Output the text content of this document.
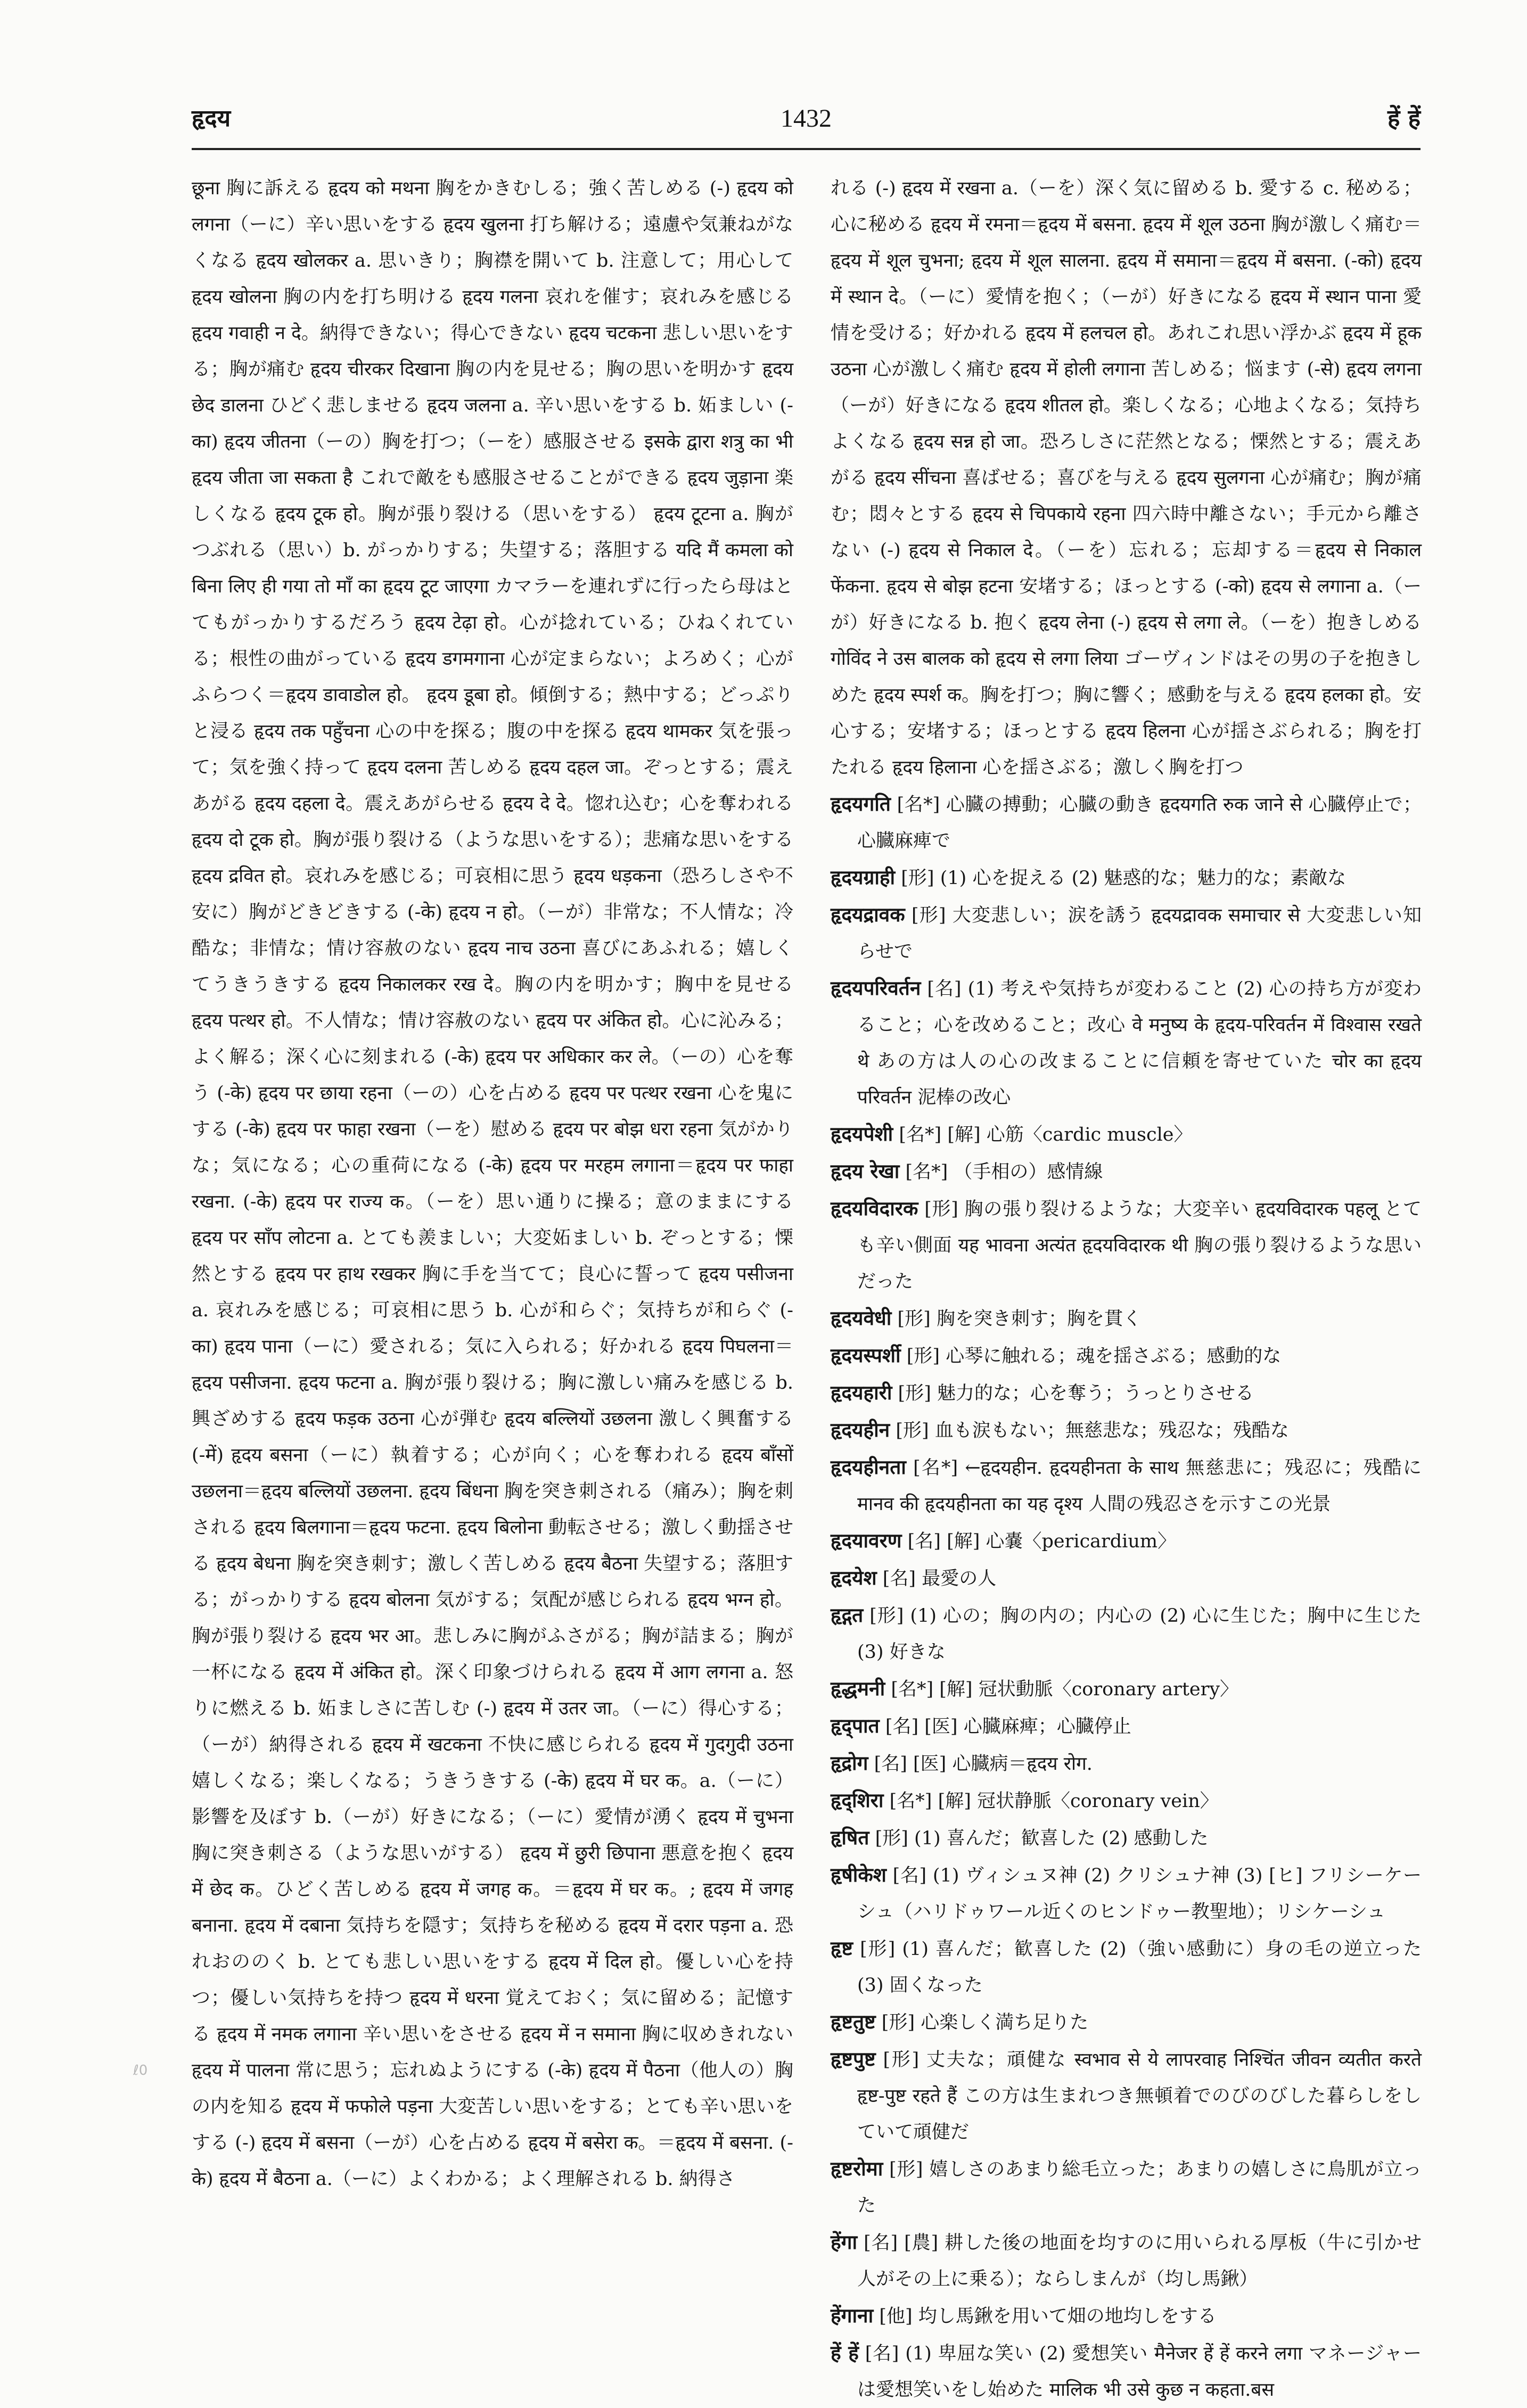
हृदय	1432	हें हें

छूना 胸に訴える हृदय को मथना 胸をかきむしる；強く苦しめる (-) हृदय को लगना（ーに）辛い思いをする हृदय खुलना 打ち解ける；遠慮や気兼ねがなくなる हृदय खोलकर a. 思いきり；胸襟を開いて b. 注意して；用心して हृदय खोलना 胸の内を打ち明ける हृदय गलना 哀れを催す；哀れみを感じる हृदय गवाही न दे。納得できない；得心できない हृदय चटकना 悲しい思いをする；胸が痛む हृदय चीरकर दिखाना 胸の内を見せる；胸の思いを明かす हृदय छेद डालना ひどく悲しませる हृदय जलना a. 辛い思いをする b. 妬ましい (-का) हृदय जीतना（ーの）胸を打つ；（ーを）感服させる इसके द्वारा शत्रु का भी हृदय जीता जा सकता है これで敵をも感服させることができる हृदय जुड़ाना 楽しくなる हृदय टूक हो。胸が張り裂ける（思いをする） हृदय टूटना a. 胸がつぶれる（思い）b. がっかりする；失望する；落胆する यदि मैं कमला को बिना लिए ही गया तो माँ का हृदय टूट जाएगा カマラーを連れずに行ったら母はとてもがっかりするだろう हृदय टेढ़ा हो。心が捻れている；ひねくれている；根性の曲がっている हृदय डगमगाना 心が定まらない；よろめく；心がふらつく＝हृदय डावाडोल हो。 हृदय डूबा हो。傾倒する；熱中する；どっぷりと浸る हृदय तक पहुँचना 心の中を探る；腹の中を探る हृदय थामकर 気を張って；気を強く持って हृदय दलना 苦しめる हृदय दहल जा。ぞっとする；震えあがる हृदय दहला दे。震えあがらせる हृदय दे दे。惚れ込む；心を奪われる हृदय दो टूक हो。胸が張り裂ける（ような思いをする）；悲痛な思いをする हृदय द्रवित हो。哀れみを感じる；可哀相に思う हृदय धड़कना（恐ろしさや不安に）胸がどきどきする (-के) हृदय न हो。（ーが）非常な；不人情な；冷酷な；非情な；情け容赦のない हृदय नाच उठना 喜びにあふれる；嬉しくてうきうきする हृदय निकालकर रख दे。胸の内を明かす；胸中を見せる हृदय पत्थर हो。不人情な；情け容赦のない हृदय पर अंकित हो。心に沁みる；よく解る；深く心に刻まれる (-के) हृदय पर अधिकार कर ले。（ーの）心を奪う (-के) हृदय पर छाया रहना（ーの）心を占める हृदय पर पत्थर रखना 心を鬼にする (-के) हृदय पर फाहा रखना（ーを）慰める हृदय पर बोझ धरा रहना 気がかりな；気になる；心の重荷になる (-के) हृदय पर मरहम लगाना＝हृदय पर फाहा रखना. (-के) हृदय पर राज्य क。（ーを）思い通りに操る；意のままにする हृदय पर साँप लोटना a. とても羨ましい；大変妬ましい b. ぞっとする；慄然とする हृदय पर हाथ रखकर 胸に手を当てて；良心に誓って हृदय पसीजना a. 哀れみを感じる；可哀相に思う b. 心が和らぐ；気持ちが和らぐ (-का) हृदय पाना（ーに）愛される；気に入られる；好かれる हृदय पिघलना＝हृदय पसीजना. हृदय फटना a. 胸が張り裂ける；胸に激しい痛みを感じる b. 興ざめする हृदय फड़क उठना 心が弾む हृदय बल्लियों उछलना 激しく興奮する (-में) हृदय बसना（ーに）執着する；心が向く；心を奪われる हृदय बाँसों उछलना＝हृदय बल्लियों उछलना. हृदय बिंधना 胸を突き刺される（痛み）；胸を刺される हृदय बिलगाना＝हृदय फटना. हृदय बिलोना 動転させる；激しく動揺させる हृदय बेधना 胸を突き刺す；激しく苦しめる हृदय बैठना 失望する；落胆する；がっかりする हृदय बोलना 気がする；気配が感じられる हृदय भग्न हो。胸が張り裂ける हृदय भर आ。悲しみに胸がふさがる；胸が詰まる；胸が一杯になる हृदय में अंकित हो。深く印象づけられる हृदय में आग लगना a. 怒りに燃える b. 妬ましさに苦しむ (-) हृदय में उतर जा。（ーに）得心する；（ーが）納得される हृदय में खटकना 不快に感じられる हृदय में गुदगुदी उठना 嬉しくなる；楽しくなる；うきうきする (-के) हृदय में घर क。a.（ーに）影響を及ぼす b.（ーが）好きになる；（ーに）愛情が湧く हृदय में चुभना 胸に突き刺さる（ような思いがする） हृदय में छुरी छिपाना 悪意を抱く हृदय में छेद क。ひどく苦しめる हृदय में जगह क。＝हृदय में घर क。; हृदय में जगह बनाना. हृदय में दबाना 気持ちを隠す；気持ちを秘める हृदय में दरार पड़ना a. 恐れおののく b. とても悲しい思いをする हृदय में दिल हो。優しい心を持つ；優しい気持ちを持つ हृदय में धरना 覚えておく；気に留める；記憶する हृदय में नमक लगाना 辛い思いをさせる हृदय में न समाना 胸に収めきれない हृदय में पालना 常に思う；忘れぬようにする (-के) हृदय में पैठना（他人の）胸の内を知る हृदय में फफोले पड़ना 大変苦しい思いをする；とても辛い思いをする (-) हृदय में बसना（ーが）心を占める हृदय में बसेरा क。＝हृदय में बसना. (-के) हृदय में बैठना a.（ーに）よくわかる；よく理解される b. 納得さ

れる (-) हृदय में रखना a.（ーを）深く気に留める b. 愛する c. 秘める；心に秘める हृदय में रमना＝हृदय में बसना. हृदय में शूल उठना 胸が激しく痛む＝हृदय में शूल चुभना; हृदय में शूल सालना. हृदय में समाना＝हृदय में बसना. (-को) हृदय में स्थान दे。（ーに）愛情を抱く；（ーが）好きになる हृदय में स्थान पाना 愛情を受ける；好かれる हृदय में हलचल हो。あれこれ思い浮かぶ हृदय में हूक उठना 心が激しく痛む हृदय में होली लगाना 苦しめる；悩ます (-से) हृदय लगना（ーが）好きになる हृदय शीतल हो。楽しくなる；心地よくなる；気持ちよくなる हृदय सन्न हो जा。恐ろしさに茫然となる；慄然とする；震えあがる हृदय सींचना 喜ばせる；喜びを与える हृदय सुलगना 心が痛む；胸が痛む；悶々とする हृदय से चिपकाये रहना 四六時中離さない；手元から離さない (-) हृदय से निकाल दे。（ーを）忘れる；忘却する＝हृदय से निकाल फेंकना. हृदय से बोझ हटना 安堵する；ほっとする (-को) हृदय से लगाना a.（ーが）好きになる b. 抱く हृदय लेना (-) हृदय से लगा ले。（ーを）抱きしめる गोविंद ने उस बालक को हृदय से लगा लिया ゴーヴィンドはその男の子を抱きしめた हृदय स्पर्श क。胸を打つ；胸に響く；感動を与える हृदय हलका हो。安心する；安堵する；ほっとする हृदय हिलना 心が揺さぶられる；胸を打たれる हृदय हिलाना 心を揺さぶる；激しく胸を打つ

हृदयगति [名*] 心臓の搏動；心臓の動き हृदयगति रुक जाने से 心臓停止で；心臓麻痺で

हृदयग्राही [形] (1) 心を捉える (2) 魅惑的な；魅力的な；素敵な

हृदयद्रावक [形] 大変悲しい；涙を誘う हृदयद्रावक समाचार से 大変悲しい知らせで

हृदयपरिवर्तन [名] (1) 考えや気持ちが変わること (2) 心の持ち方が変わること；心を改めること；改心 वे मनुष्य के हृदय-परिवर्तन में विश्वास रखते थे あの方は人の心の改まることに信頼を寄せていた चोर का हृदय परिवर्तन 泥棒の改心

हृदयपेशी [名*] [解] 心筋〈cardic muscle〉

हृदय रेखा [名*] （手相の）感情線

हृदयविदारक [形] 胸の張り裂けるような；大変辛い हृदयविदारक पहलू とても辛い側面 यह भावना अत्यंत हृदयविदारक थी 胸の張り裂けるような思いだった

हृदयवेधी [形] 胸を突き刺す；胸を貫く

हृदयस्पर्शी [形] 心琴に触れる；魂を揺さぶる；感動的な

हृदयहारी [形] 魅力的な；心を奪う；うっとりさせる

हृदयहीन [形] 血も涙もない；無慈悲な；残忍な；残酷な

हृदयहीनता [名*] ←हृदयहीन. हृदयहीनता के साथ 無慈悲に；残忍に；残酷に मानव की हृदयहीनता का यह दृश्य 人間の残忍さを示すこの光景

हृदयावरण [名] [解] 心嚢〈pericardium〉

हृदयेश [名] 最愛の人

हृद्गत [形] (1) 心の；胸の内の；内心の (2) 心に生じた；胸中に生じた (3) 好きな

हृद्धमनी [名*] [解] 冠状動脈〈coronary artery〉

हृद्पात [名] [医] 心臓麻痺；心臓停止

हृद्रोग [名] [医] 心臓病＝हृदय रोग.

हृद्शिरा [名*] [解] 冠状静脈〈coronary vein〉

हृषित [形] (1) 喜んだ；歓喜した (2) 感動した

हृषीकेश [名] (1) ヴィシュヌ神 (2) クリシュナ神 (3) [ヒ] フリシーケーシュ（ハリドゥワール近くのヒンドゥー教聖地）；リシケーシュ

हृष्ट [形] (1) 喜んだ；歓喜した (2)（強い感動に）身の毛の逆立った (3) 固くなった

हृष्टतुष्ट [形] 心楽しく満ち足りた

हृष्टपुष्ट [形] 丈夫な；頑健な स्वभाव से ये लापरवाह निश्चिंत जीवन व्यतीत करते हृष्ट-पुष्ट रहते हैं この方は生まれつき無頓着でのびのびした暮らしをしていて頑健だ

हृष्टरोमा [形] 嬉しさのあまり総毛立った；あまりの嬉しさに鳥肌が立った

हेंगा [名] [農] 耕した後の地面を均すのに用いられる厚板（牛に引かせ人がその上に乗る）；ならしまんが（均し馬鍬）

हेंगाना [他] 均し馬鍬を用いて畑の地均しをする

हें हें [名] (1) 卑屈な笑い (2) 愛想笑い मैनेजर हें हें करने लगा マネージャーは愛想笑いをし始めた मालिक भी उसे कुछ न कहता.बस

ℓ0
